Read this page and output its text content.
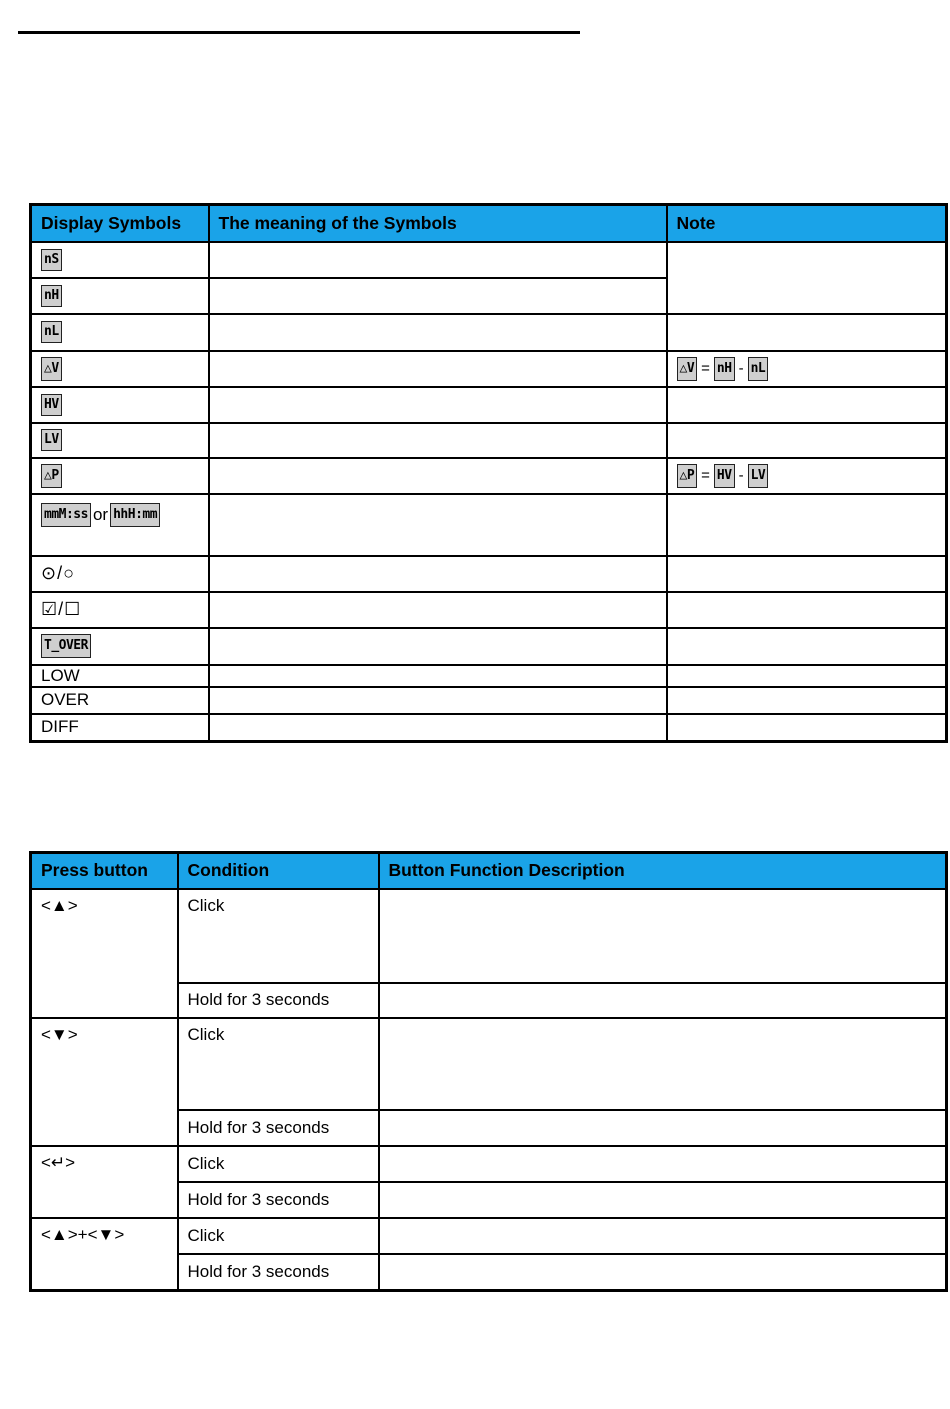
Display Symbols	The meaning of the Symbols	Note
nS		
nH		
nL		
△V		△V = nH - nL
HV		
LV		
△P		△P = HV - LV
mmM:ss or hhH:mm		
⊙/○		
☑/☐		
T_OVER		
LOW		
OVER		
DIFF		
Press button	Condition	Button Function Description
<▲>	Click	
	Hold for 3 seconds	
<▼>	Click	
	Hold for 3 seconds	
<↵>	Click	
	Hold for 3 seconds	
<▲>+<▼>	Click	
	Hold for 3 seconds	
